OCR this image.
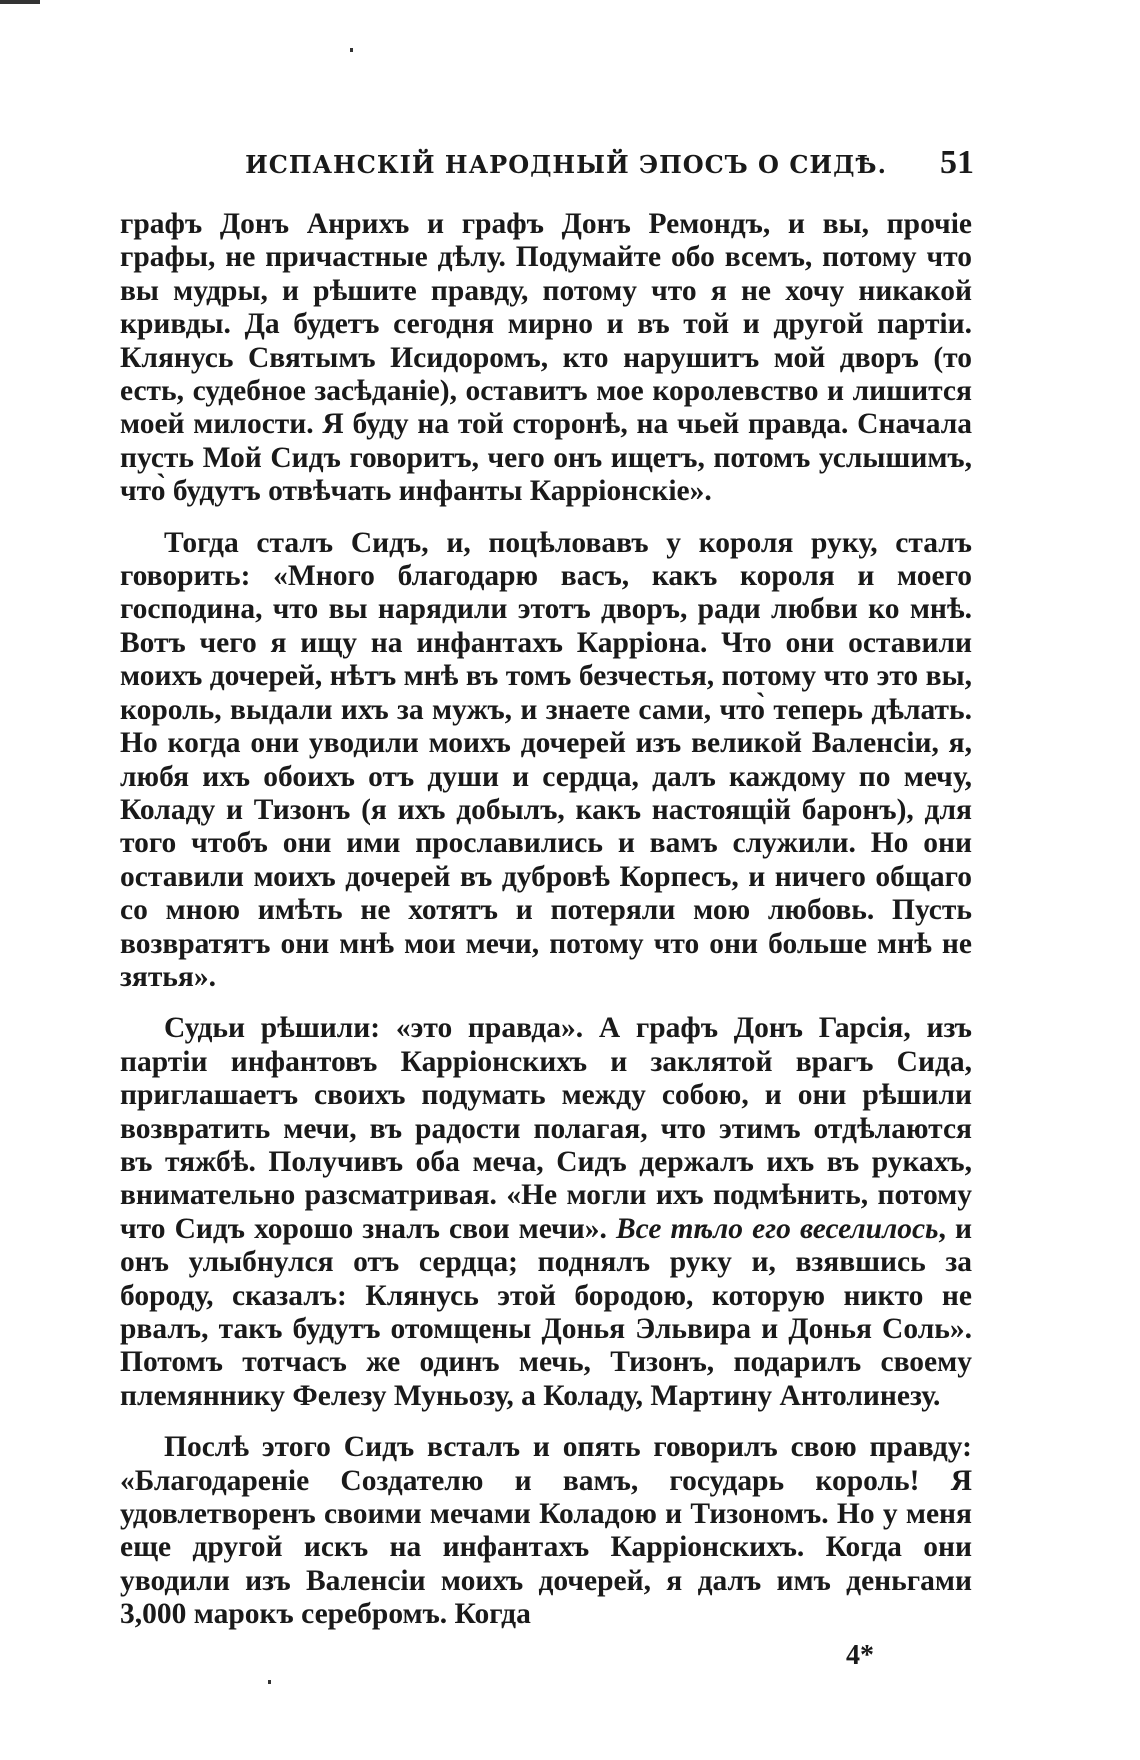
ИСПАНСКІЙ НАРОДНЫЙ ЭПОСЪ О СИДѢ.	51

графъ Донъ Анрихъ и графъ Донъ Ремондъ, и вы, прочіе графы, не причастные дѣлу. Подумайте обо всемъ, потому что вы мудры, и рѣшите правду, потому что я не хочу никакой кривды. Да будетъ сегодня мирно и въ той и другой партіи. Клянусь Святымъ Исидоромъ, кто нарушитъ мой дворъ (то есть, судебное засѣданіе), оставитъ мое королевство и лишится моей милости. Я буду на той сторонѣ, на чьей правда. Сначала пусть Мой Сидъ говоритъ, чего онъ ищетъ, потомъ услышимъ, что̀ будутъ отвѣчать инфанты Карріонскіе».

Тогда сталъ Сидъ, и, поцѣловавъ у короля руку, сталъ говорить: «Много благодарю васъ, какъ короля и моего господина, что вы нарядили этотъ дворъ, ради любви ко мнѣ. Вотъ чего я ищу на инфантахъ Карріона. Что они оставили моихъ дочерей, нѣтъ мнѣ въ томъ безчестья, потому что это вы, король, выдали ихъ за мужъ, и знаете сами, что̀ теперь дѣлать. Но когда они уводили моихъ дочерей изъ великой Валенсіи, я, любя ихъ обоихъ отъ души и сердца, далъ каждому по мечу, Коладу и Тизонъ (я ихъ добылъ, какъ настоящій баронъ), для того чтобъ они ими прославились и вамъ служили. Но они оставили моихъ дочерей въ дубровѣ Корпесъ, и ничего общаго со мною имѣть не хотятъ и потеряли мою любовь. Пусть возвратятъ они мнѣ мои мечи, потому что они больше мнѣ не зятья».

Судьи рѣшили: «это правда». А графъ Донъ Гарсія, изъ партіи инфантовъ Карріонскихъ и заклятой врагъ Сида, приглашаетъ своихъ подумать между собою, и они рѣшили возвратить мечи, въ радости полагая, что этимъ отдѣлаются въ тяжбѣ. Получивъ оба меча, Сидъ держалъ ихъ въ рукахъ, внимательно разсматривая. «Не могли ихъ подмѣнить, потому что Сидъ хорошо зналъ свои мечи». Все тѣло его веселилось, и онъ улыбнулся отъ сердца; поднялъ руку и, взявшись за бороду, сказалъ: Клянусь этой бородою, которую никто не рвалъ, такъ будутъ отомщены Донья Эльвира и Донья Соль». Потомъ тотчасъ же одинъ мечь, Тизонъ, подарилъ своему племяннику Фелезу Муньозу, а Коладу, Мартину Антолинезу.

Послѣ этого Сидъ всталъ и опять говорилъ свою правду: «Благодареніе Создателю и вамъ, государь король! Я удовлетворенъ своими мечами Коладою и Тизономъ. Но у меня еще другой искъ на инфантахъ Карріонскихъ. Когда они уводили изъ Валенсіи моихъ дочерей, я далъ имъ деньгами 3,000 марокъ серебромъ. Когда

4*
